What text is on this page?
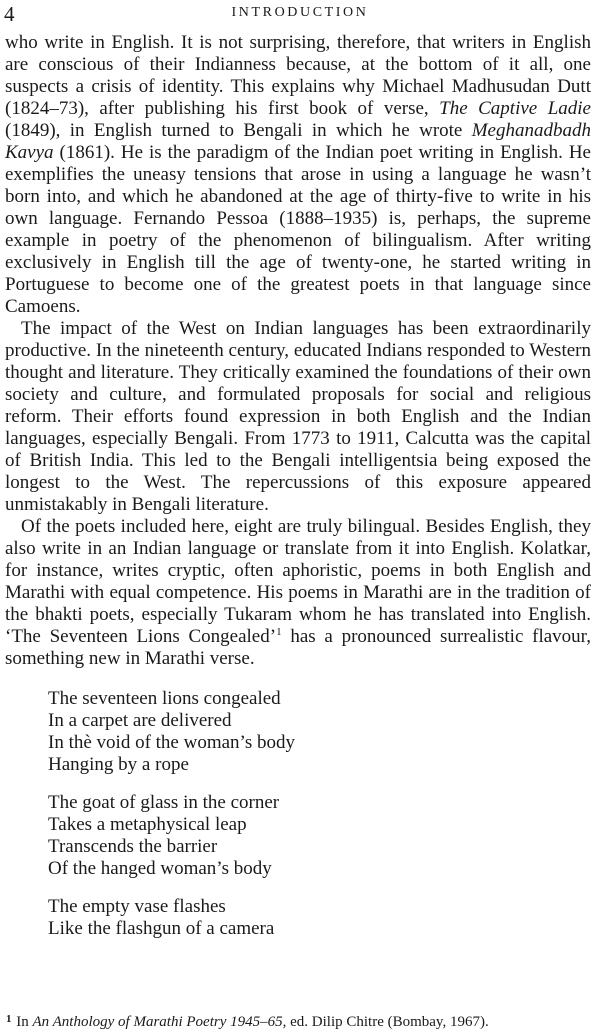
4	INTRODUCTION

who write in English. It is not surprising, therefore, that writers in English are conscious of their Indianness because, at the bottom of it all, one suspects a crisis of identity. This explains why Michael Madhusudan Dutt (1824–73), after publishing his first book of verse, The Captive Ladie (1849), in English turned to Bengali in which he wrote Meghanadbadh Kavya (1861). He is the paradigm of the Indian poet writing in English. He exemplifies the uneasy tensions that arose in using a language he wasn’t born into, and which he abandoned at the age of thirty-five to write in his own language. Fernando Pessoa (1888–1935) is, perhaps, the supreme example in poetry of the phenomenon of bilingualism. After writing exclusively in English till the age of twenty-one, he started writing in Portuguese to become one of the greatest poets in that language since Camoens.

The impact of the West on Indian languages has been extraordinarily productive. In the nineteenth century, educated Indians responded to Western thought and literature. They critically examined the foundations of their own society and culture, and formulated proposals for social and religious reform. Their efforts found expression in both English and the Indian languages, especially Bengali. From 1773 to 1911, Calcutta was the capital of British India. This led to the Bengali intelligentsia being exposed the longest to the West. The repercussions of this exposure appeared unmistakably in Bengali literature.

Of the poets included here, eight are truly bilingual. Besides English, they also write in an Indian language or translate from it into English. Kolatkar, for instance, writes cryptic, often aphoristic, poems in both English and Marathi with equal competence. His poems in Marathi are in the tradition of the bhakti poets, especially Tukaram whom he has translated into English. ‘The Seventeen Lions Congealed’$^1$ has a pronounced surrealistic flavour, something new in Marathi verse.

The seventeen lions congealed
In a carpet are delivered
In thè void of the woman’s body
Hanging by a rope
The goat of glass in the corner
Takes a metaphysical leap
Transcends the barrier
Of the hanged woman’s body
The empty vase flashes
Like the flashgun of a camera
$^1$ In An Anthology of Marathi Poetry 1945–65, ed. Dilip Chitre (Bombay, 1967).
